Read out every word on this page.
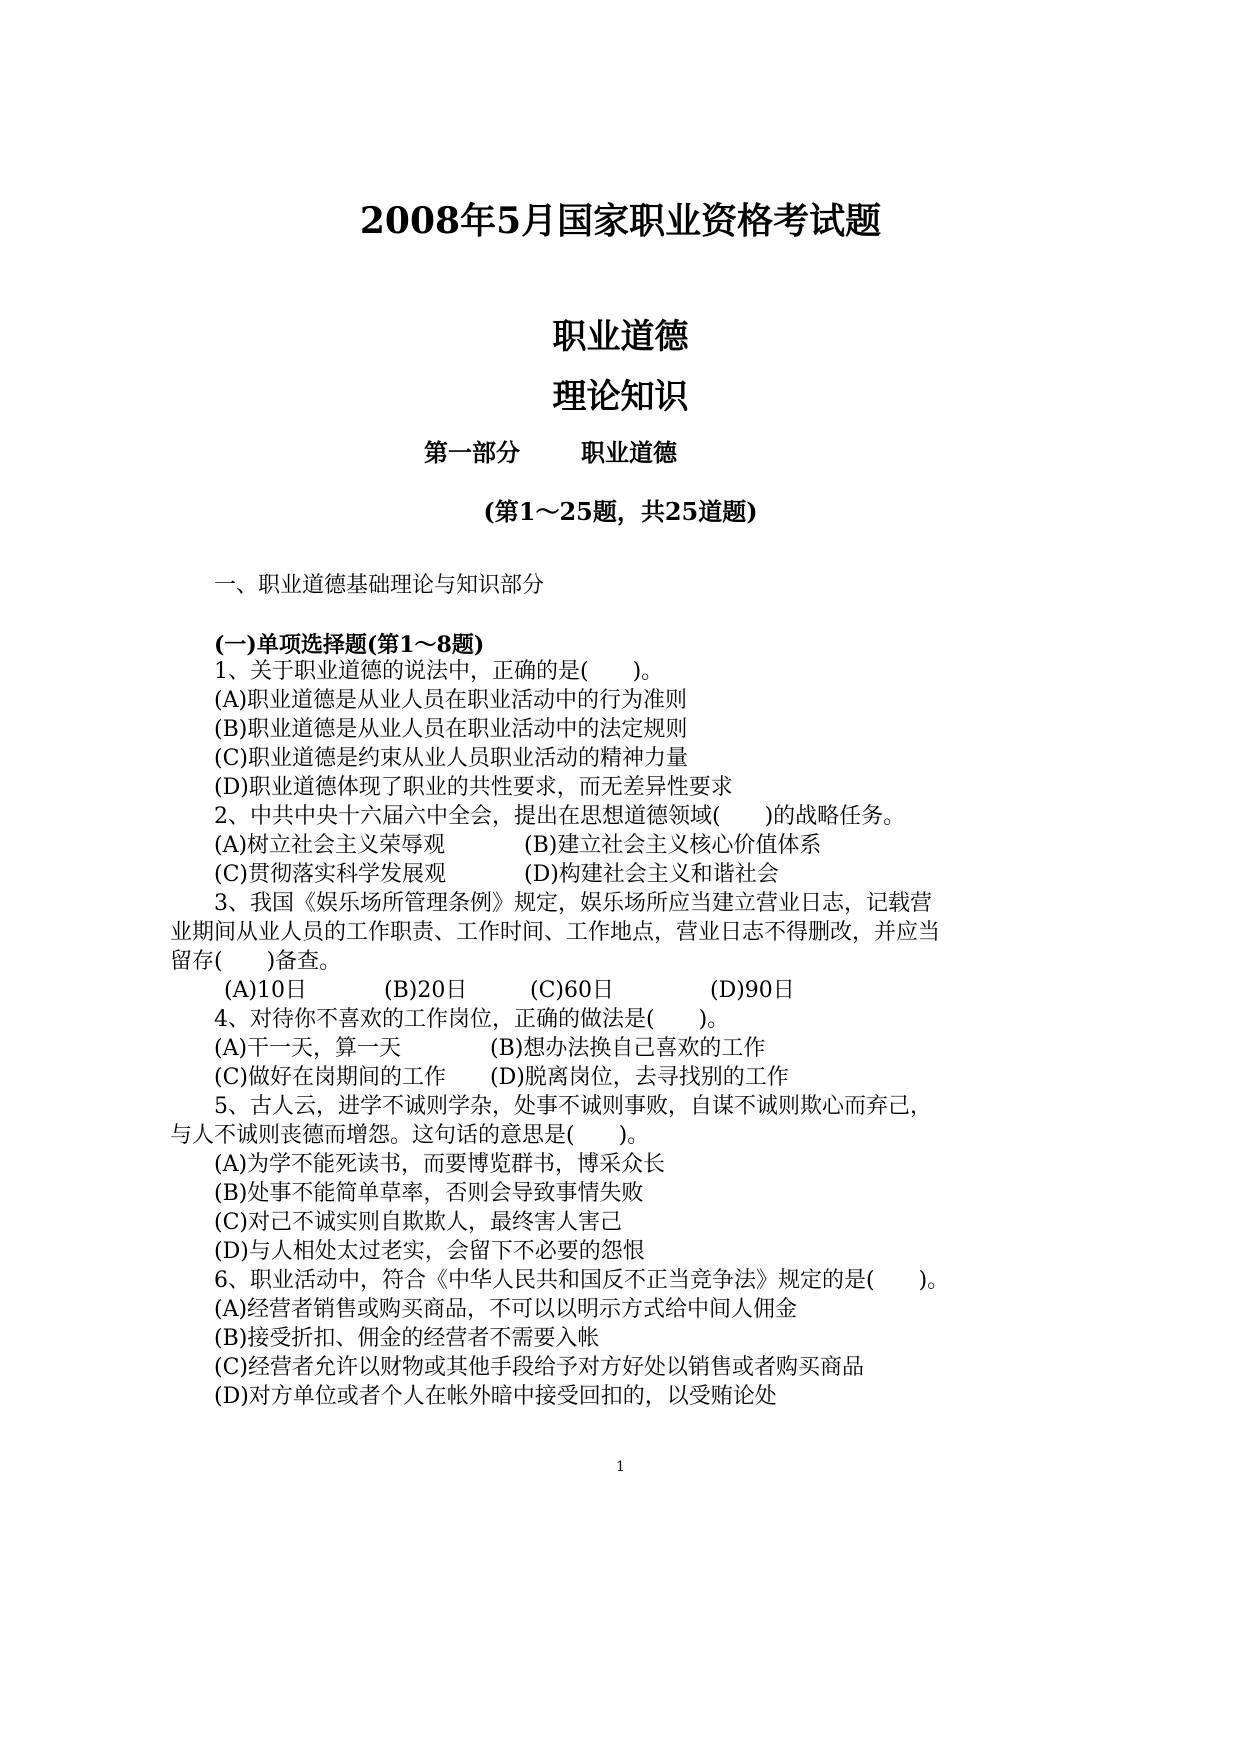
2008年5月国家职业资格考试题
职业道德
理论知识
第一部分	职业道德
(第1～25题，共25道题)
一、职业道德基础理论与知识部分
(一)单项选择题(第1～8题)
1、关于职业道德的说法中，正确的是(　　)。
(A)职业道德是从业人员在职业活动中的行为准则
(B)职业道德是从业人员在职业活动中的法定规则
(C)职业道德是约束从业人员职业活动的精神力量
(D)职业道德体现了职业的共性要求，而无差异性要求
2、中共中央十六届六中全会，提出在思想道德领域(　　)的战略任务。
(A)树立社会主义荣辱观	(B)建立社会主义核心价值体系
(C)贯彻落实科学发展观	(D)构建社会主义和谐社会
3、我国《娱乐场所管理条例》规定，娱乐场所应当建立营业日志，记载营
业期间从业人员的工作职责、工作时间、工作地点，营业日志不得删改，并应当
留存(　　)备查。
(A)10日	(B)20日	(C)60日	(D)90日
4、对待你不喜欢的工作岗位，正确的做法是(　　)。
(A)干一天，算一天	(B)想办法换自己喜欢的工作
(C)做好在岗期间的工作 (D)脱离岗位，去寻找别的工作
5、古人云，进学不诚则学杂，处事不诚则事败，自谋不诚则欺心而弃己，
与人不诚则丧德而增怨。这句话的意思是(　　)。
(A)为学不能死读书，而要博览群书，博采众长
(B)处事不能简单草率，否则会导致事情失败
(C)对己不诚实则自欺欺人，最终害人害己
(D)与人相处太过老实，会留下不必要的怨恨
6、职业活动中，符合《中华人民共和国反不正当竞争法》规定的是(　　)。
(A)经营者销售或购买商品，不可以以明示方式给中间人佣金
(B)接受折扣、佣金的经营者不需要入帐
(C)经营者允许以财物或其他手段给予对方好处以销售或者购买商品
(D)对方单位或者个人在帐外暗中接受回扣的，以受贿论处
1
